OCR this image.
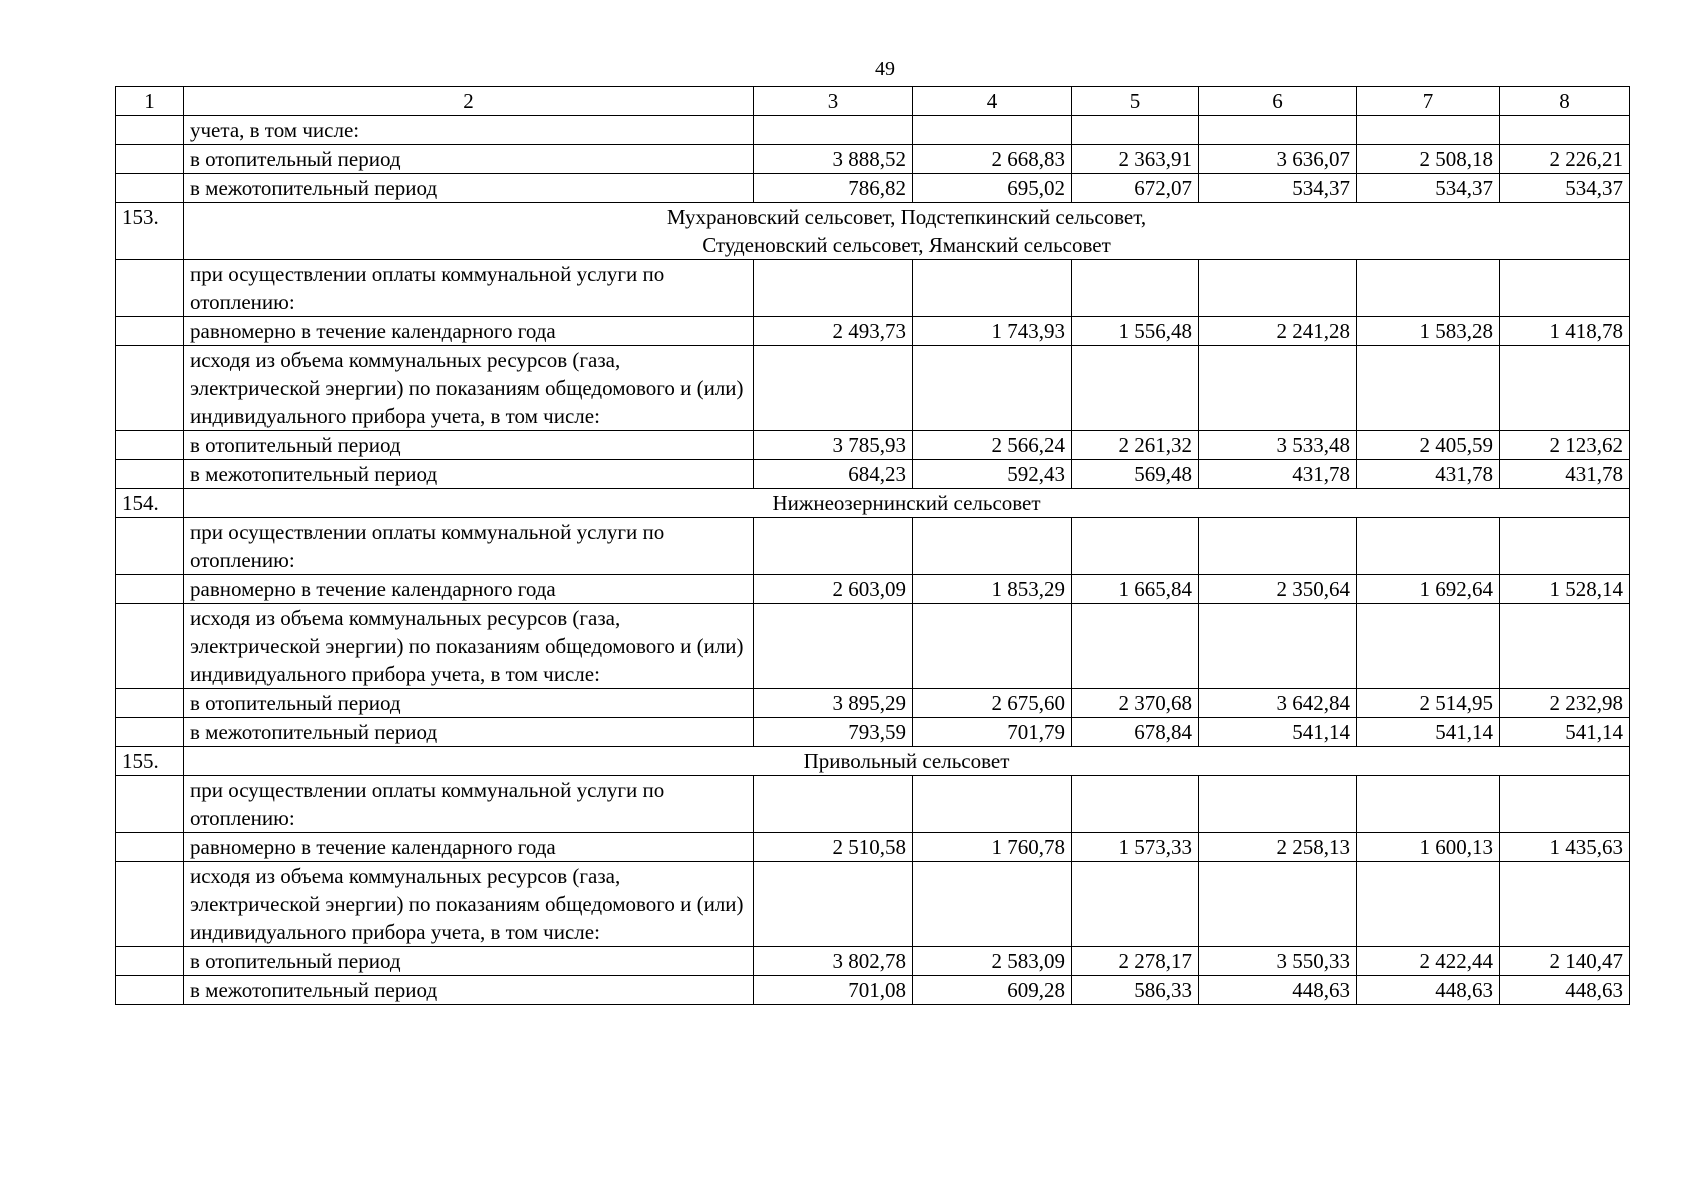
49
1	2	3	4	5	6	7	8
	учета, в том числе:						
	в отопительный период	3 888,52	2 668,83	2 363,91	3 636,07	2 508,18	2 226,21
	в межотопительный период	786,82	695,02	672,07	534,37	534,37	534,37
153.	Мухрановский сельсовет, Подстепкинский сельсовет,
Студеновский сельсовет, Яманский сельсовет						

	при осуществлении оплаты коммунальной услуги по отоплению:						
	равномерно в течение календарного года	2 493,73	1 743,93	1 556,48	2 241,28	1 583,28	1 418,78
	исходя из объема коммунальных ресурсов (газа, электрической энергии) по показаниям общедомового и (или) индивидуального прибора учета, в том числе:						
	в отопительный период	3 785,93	2 566,24	2 261,32	3 533,48	2 405,59	2 123,62
	в межотопительный период	684,23	592,43	569,48	431,78	431,78	431,78
154.	Нижнеозернинский сельсовет						

	при осуществлении оплаты коммунальной услуги по отоплению:						
	равномерно в течение календарного года	2 603,09	1 853,29	1 665,84	2 350,64	1 692,64	1 528,14
	исходя из объема коммунальных ресурсов (газа, электрической энергии) по показаниям общедомового и (или) индивидуального прибора учета, в том числе:						
	в отопительный период	3 895,29	2 675,60	2 370,68	3 642,84	2 514,95	2 232,98
	в межотопительный период	793,59	701,79	678,84	541,14	541,14	541,14
155.	Привольный сельсовет						

	при осуществлении оплаты коммунальной услуги по отоплению:						
	равномерно в течение календарного года	2 510,58	1 760,78	1 573,33	2 258,13	1 600,13	1 435,63
	исходя из объема коммунальных ресурсов (газа, электрической энергии) по показаниям общедомового и (или) индивидуального прибора учета, в том числе:						
	в отопительный период	3 802,78	2 583,09	2 278,17	3 550,33	2 422,44	2 140,47
	в межотопительный период	701,08	609,28	586,33	448,63	448,63	448,63
